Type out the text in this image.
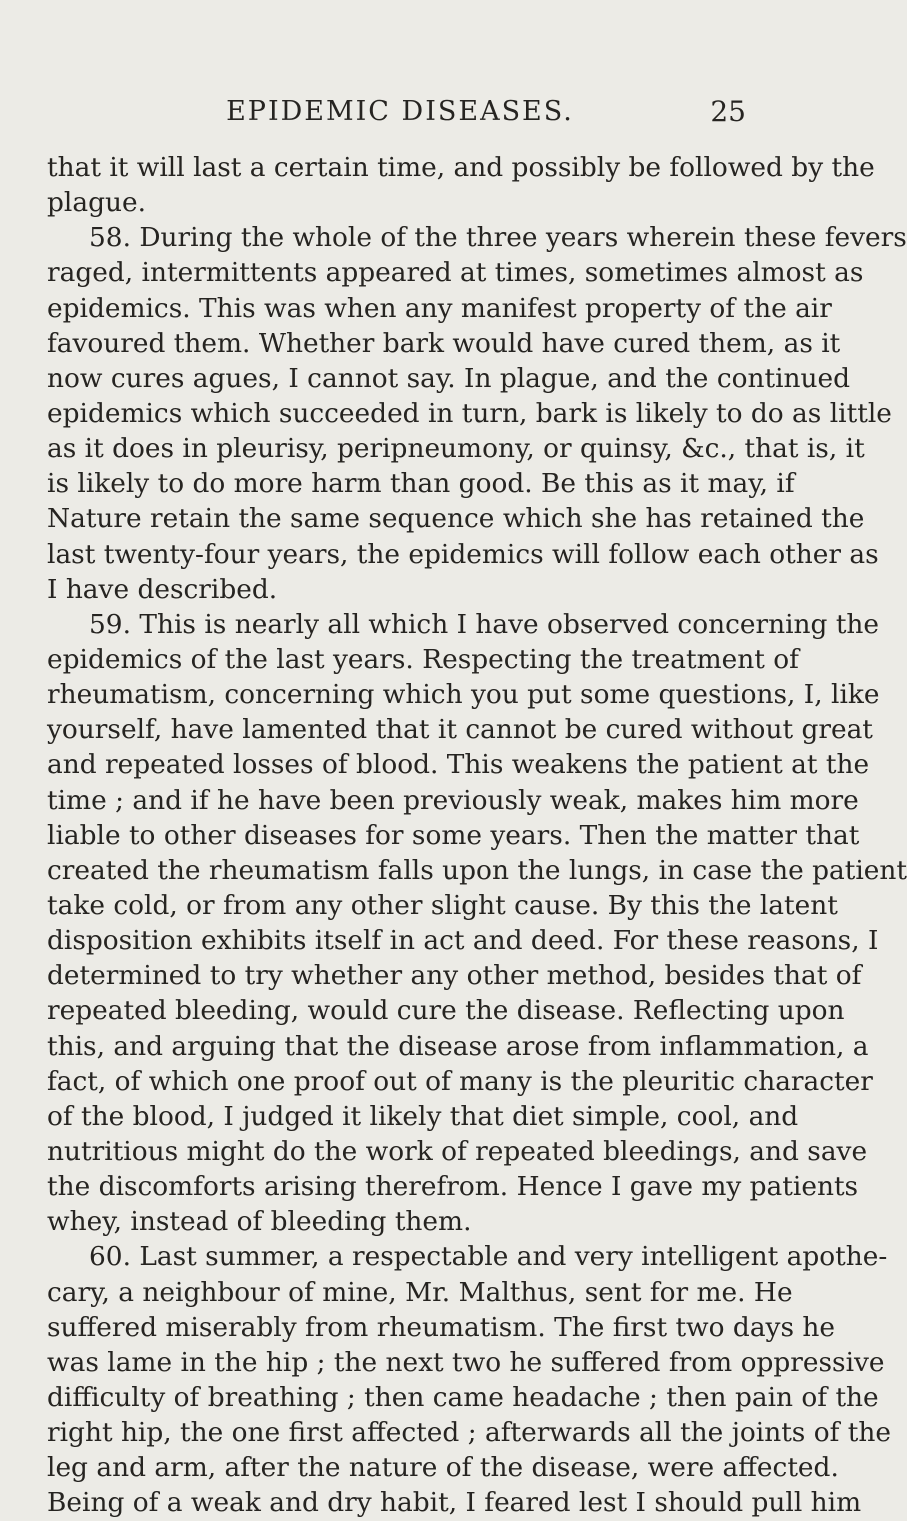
EPIDEMIC DISEASES.	25
that it will last a certain time, and possibly be followed by the
plague.
58. During the whole of the three years wherein these fevers
raged, intermittents appeared at times, sometimes almost as
epidemics. This was when any manifest property of the air
favoured them. Whether bark would have cured them, as it
now cures agues, I cannot say. In plague, and the continued
epidemics which succeeded in turn, bark is likely to do as little
as it does in pleurisy, peripneumony, or quinsy, &c., that is, it
is likely to do more harm than good. Be this as it may, if
Nature retain the same sequence which she has retained the
last twenty-four years, the epidemics will follow each other as
I have described.
59. This is nearly all which I have observed concerning the
epidemics of the last years. Respecting the treatment of
rheumatism, concerning which you put some questions, I, like
yourself, have lamented that it cannot be cured without great
and repeated losses of blood. This weakens the patient at the
time ; and if he have been previously weak, makes him more
liable to other diseases for some years. Then the matter that
created the rheumatism falls upon the lungs, in case the patient
take cold, or from any other slight cause. By this the latent
disposition exhibits itself in act and deed. For these reasons, I
determined to try whether any other method, besides that of
repeated bleeding, would cure the disease. Reflecting upon
this, and arguing that the disease arose from inflammation, a
fact, of which one proof out of many is the pleuritic character
of the blood, I judged it likely that diet simple, cool, and
nutritious might do the work of repeated bleedings, and save
the discomforts arising therefrom. Hence I gave my patients
whey, instead of bleeding them.
60. Last summer, a respectable and very intelligent apothe-
cary, a neighbour of mine, Mr. Malthus, sent for me. He
suffered miserably from rheumatism. The first two days he
was lame in the hip ; the next two he suffered from oppressive
difficulty of breathing ; then came headache ; then pain of the
right hip, the one first affected ; afterwards all the joints of the
leg and arm, after the nature of the disease, were affected.
Being of a weak and dry habit, I feared lest I should pull him
